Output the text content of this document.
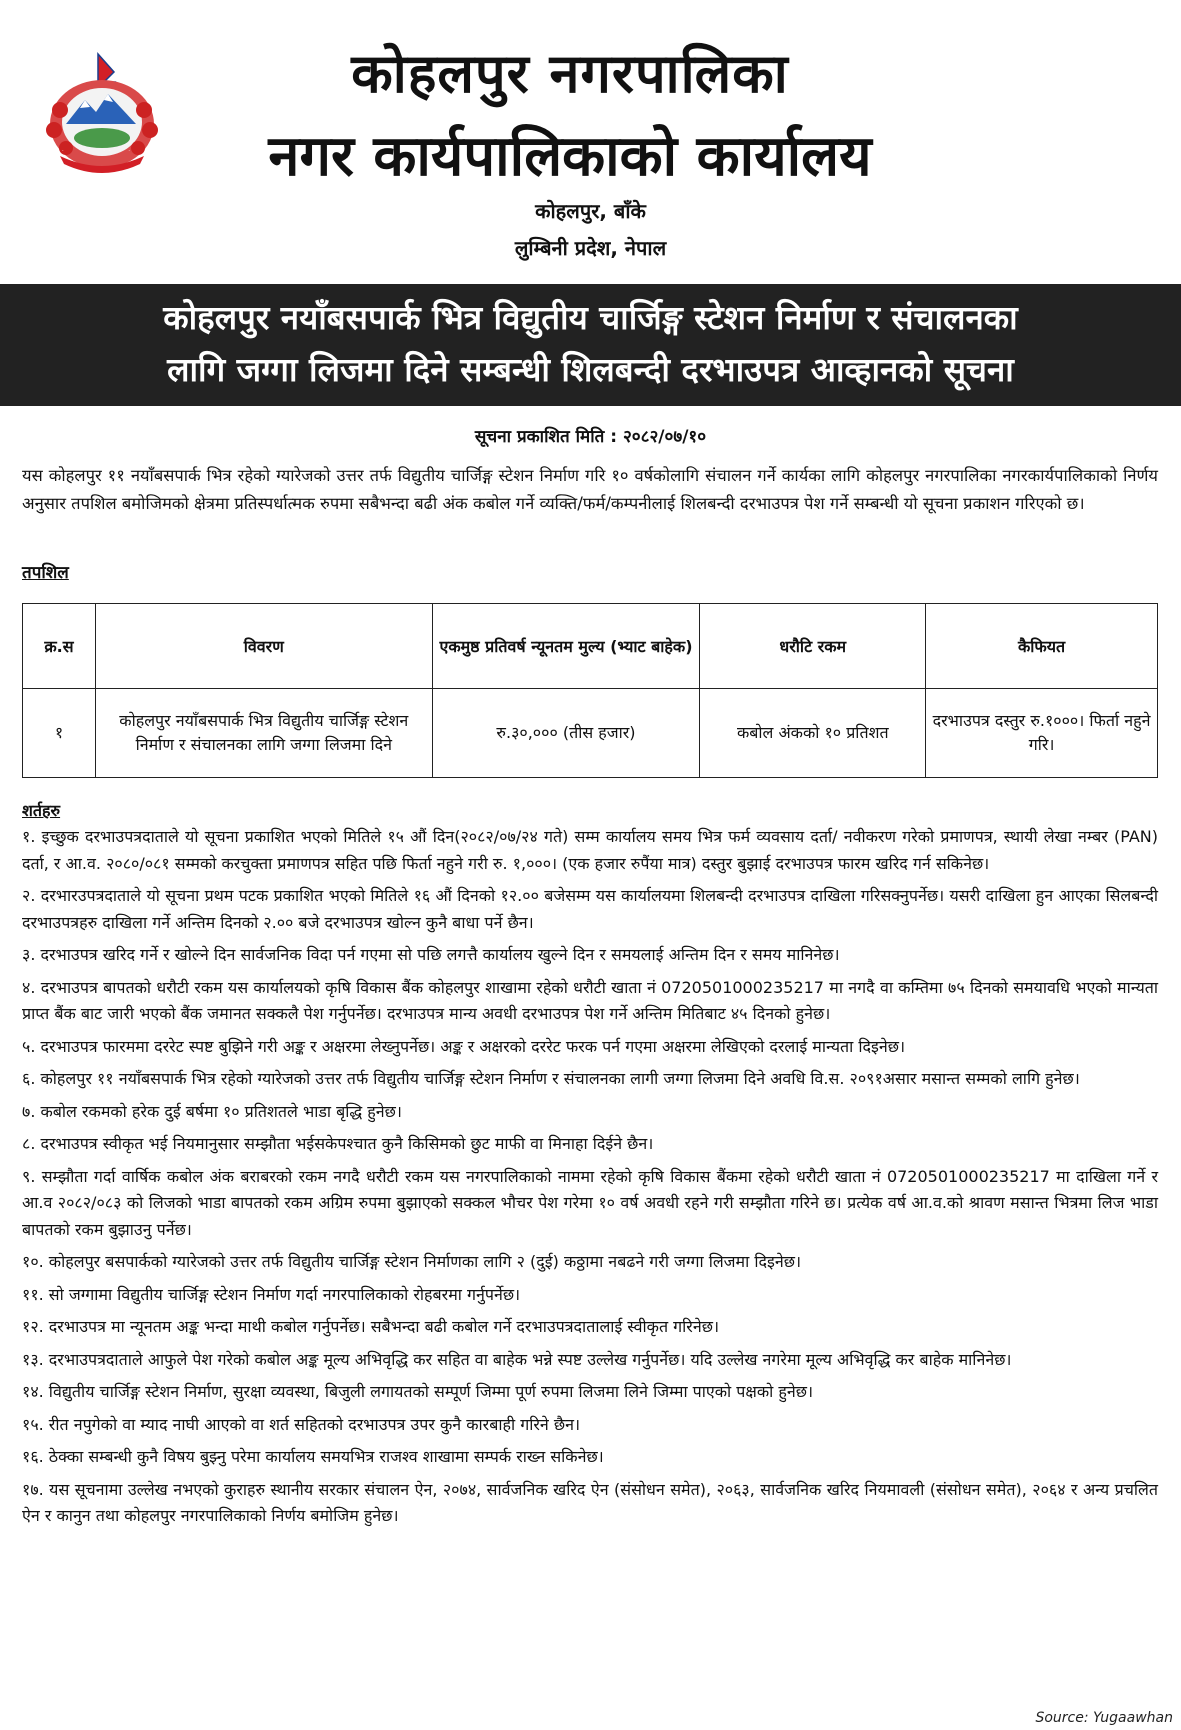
कोहलपुर नगरपालिका
नगर कार्यपालिकाको कार्यालय
कोहलपुर, बाँके
लुम्बिनी प्रदेश, नेपाल
कोहलपुर नयाँबसपार्क भित्र विद्युतीय चार्जिङ्ग स्टेशन निर्माण र संचालनका
लागि जग्गा लिजमा दिने सम्बन्धी शिलबन्दी दरभाउपत्र आव्हानको सूचना
सूचना प्रकाशित मिति : २०८२/०७/१०
यस कोहलपुर ११ नयाँबसपार्क भित्र रहेको ग्यारेजको उत्तर तर्फ विद्युतीय चार्जिङ्ग स्टेशन निर्माण गरि १० वर्षकोलागि संचालन गर्ने कार्यका लागि कोहलपुर नगरपालिका नगरकार्यपालिकाको निर्णय अनुसार तपशिल बमोजिमको क्षेत्रमा प्रतिस्पर्धात्मक रुपमा सबैभन्दा बढी अंक कबोल गर्ने व्यक्ति/फर्म/कम्पनीलाई शिलबन्दी दरभाउपत्र पेश गर्ने सम्बन्धी यो सूचना प्रकाशन गरिएको छ।
तपशिल
क्र.स	विवरण	एकमुष्ठ प्रतिवर्ष न्यूनतम मुल्य (भ्याट बाहेक)	धरौटि रकम	कैफियत
१	कोहलपुर नयाँबसपार्क भित्र विद्युतीय चार्जिङ्ग स्टेशन निर्माण र संचालनका लागि जग्गा लिजमा दिने	रु.३०,००० (तीस हजार)	कबोल अंकको १० प्रतिशत	दरभाउपत्र दस्तुर रु.१०००। फिर्ता नहुने गरि।
शर्तहरु
१. इच्छुक दरभाउपत्रदाताले यो सूचना प्रकाशित भएको मितिले १५ औं दिन(२०८२/०७/२४ गते) सम्म कार्यालय समय भित्र फर्म व्यवसाय दर्ता/ नवीकरण गरेको प्रमाणपत्र, स्थायी लेखा नम्बर (PAN) दर्ता, र आ.व. २०८०/०८१ सम्मको करचुक्ता प्रमाणपत्र सहित पछि फिर्ता नहुने गरी रु. १,०००। (एक हजार रुपैंया मात्र) दस्तुर बुझाई दरभाउपत्र फारम खरिद गर्न सकिनेछ।
२. दरभारउपत्रदाताले यो सूचना प्रथम पटक प्रकाशित भएको मितिले १६ औं दिनको १२.०० बजेसम्म यस कार्यालयमा शिलबन्दी दरभाउपत्र दाखिला गरिसक्नुपर्नेछ। यसरी दाखिला हुन आएका सिलबन्दी दरभाउपत्रहरु दाखिला गर्ने अन्तिम दिनको २.०० बजे दरभाउपत्र खोल्न कुनै बाधा पर्ने छैन।
३. दरभाउपत्र खरिद गर्ने र खोल्ने दिन सार्वजनिक विदा पर्न गएमा सो पछि लगत्तै कार्यालय खुल्ने दिन र समयलाई अन्तिम दिन र समय मानिनेछ।
४. दरभाउपत्र बापतको धरौटी रकम यस कार्यालयको कृषि विकास बैंक कोहलपुर शाखामा रहेको धरौटी खाता नं 0720501000235217 मा नगदै वा कम्तिमा ७५ दिनको समयावधि भएको मान्यता प्राप्त बैंक बाट जारी भएको बैंक जमानत सक्कलै पेश गर्नुपर्नेछ। दरभाउपत्र मान्य अवधी दरभाउपत्र पेश गर्ने अन्तिम मितिबाट ४५ दिनको हुनेछ।
५. दरभाउपत्र फारममा दररेट स्पष्ट बुझिने गरी अङ्क र अक्षरमा लेख्नुपर्नेछ। अङ्क र अक्षरको दररेट फरक पर्न गएमा अक्षरमा लेखिएको दरलाई मान्यता दिइनेछ।
६. कोहलपुर ११ नयाँबसपार्क भित्र रहेको ग्यारेजको उत्तर तर्फ विद्युतीय चार्जिङ्ग स्टेशन निर्माण र संचालनका लागी जग्गा लिजमा दिने अवधि वि.स. २०९१असार मसान्त सम्मको लागि हुनेछ।
७. कबोल रकमको हरेक दुई बर्षमा १० प्रतिशतले भाडा बृद्धि हुनेछ।
८. दरभाउपत्र स्वीकृत भई नियमानुसार सम्झौता भईसकेपश्चात कुनै किसिमको छुट माफी वा मिनाहा दिईने छैन।
९. सम्झौता गर्दा वार्षिक कबोल अंक बराबरको रकम नगदै धरौटी रकम यस नगरपालिकाको नाममा रहेको कृषि विकास बैंकमा रहेको धरौटी खाता नं 0720501000235217 मा दाखिला गर्ने र आ.व २०८२/०८३ को लिजको भाडा बापतको रकम अग्रिम रुपमा बुझाएको सक्कल भौचर पेश गरेमा १० वर्ष अवधी रहने गरी सम्झौता गरिने छ। प्रत्येक वर्ष आ.व.को श्रावण मसान्त भित्रमा लिज भाडा बापतको रकम बुझाउनु पर्नेछ।
१०. कोहलपुर बसपार्कको ग्यारेजको उत्तर तर्फ विद्युतीय चार्जिङ्ग स्टेशन निर्माणका लागि २ (दुई) कठ्ठामा नबढने गरी जग्गा लिजमा दिइनेछ।
११. सो जग्गामा विद्युतीय चार्जिङ्ग स्टेशन निर्माण गर्दा नगरपालिकाको रोहबरमा गर्नुपर्नेछ।
१२. दरभाउपत्र मा न्यूनतम अङ्क भन्दा माथी कबोल गर्नुपर्नेछ। सबैभन्दा बढी कबोल गर्ने दरभाउपत्रदातालाई स्वीकृत गरिनेछ।
१३. दरभाउपत्रदाताले आफुले पेश गरेको कबोल अङ्क मूल्य अभिवृद्धि कर सहित वा बाहेक भन्ने स्पष्ट उल्लेख गर्नुपर्नेछ। यदि उल्लेख नगरेमा मूल्य अभिवृद्धि कर बाहेक मानिनेछ।
१४. विद्युतीय चार्जिङ्ग स्टेशन निर्माण, सुरक्षा व्यवस्था, बिजुली लगायतको सम्पूर्ण जिम्मा पूर्ण रुपमा लिजमा लिने जिम्मा पाएको पक्षको हुनेछ।
१५. रीत नपुगेको वा म्याद नाघी आएको वा शर्त सहितको दरभाउपत्र उपर कुनै कारबाही गरिने छैन।
१६. ठेक्का सम्बन्धी कुनै विषय बुझ्नु परेमा कार्यालय समयभित्र राजश्व शाखामा सम्पर्क राख्न सकिनेछ।
१७. यस सूचनामा उल्लेख नभएको कुराहरु स्थानीय सरकार संचालन ऐन, २०७४, सार्वजनिक खरिद ऐन (संसोधन समेत), २०६३, सार्वजनिक खरिद नियमावली (संसोधन समेत), २०६४ र अन्य प्रचलित ऐन र कानुन तथा कोहलपुर नगरपालिकाको निर्णय बमोजिम हुनेछ।
Source: Yugaawhan
